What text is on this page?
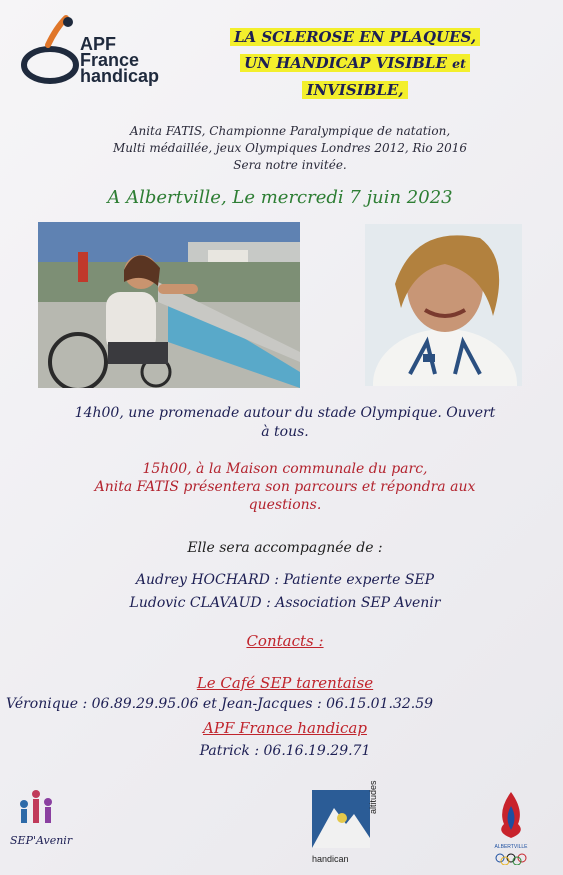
APF
France
handicap
LA SCLEROSE EN PLAQUES,
UN HANDICAP VISIBLE et
INVISIBLE,
Anita FATIS, Championne Paralympique de natation,
Multi médaillée, jeux Olympiques Londres 2012, Rio 2016
Sera notre invitée.
A Albertville, Le mercredi 7 juin 2023
14h00, une promenade autour du stade Olympique. Ouvert
à tous.
15h00, à la Maison communale du parc,
Anita FATIS présentera son parcours et répondra aux
questions.
Elle sera accompagnée de :
Audrey HOCHARD : Patiente experte SEP
Ludovic CLAVAUD : Association SEP Avenir
Contacts :
Le Café SEP tarentaise
Véronique : 06.89.29.95.06 et Jean-Jacques : 06.15.01.32.59
APF France handicap
Patrick : 06.16.19.29.71
SEP'Avenir
handican
altitudes
ALBERTVILLE
